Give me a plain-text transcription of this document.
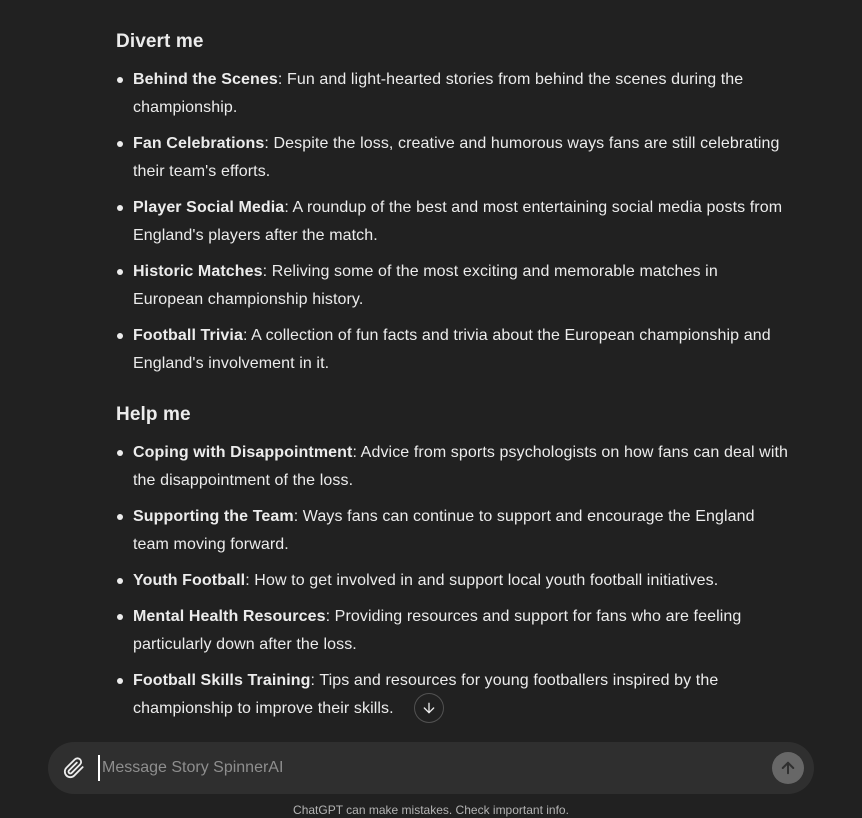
Divert me
Behind the Scenes: Fun and light-hearted stories from behind the scenes during the championship.
Fan Celebrations: Despite the loss, creative and humorous ways fans are still celebrating their team's efforts.
Player Social Media: A roundup of the best and most entertaining social media posts from England's players after the match.
Historic Matches: Reliving some of the most exciting and memorable matches in European championship history.
Football Trivia: A collection of fun facts and trivia about the European championship and England's involvement in it.
Help me
Coping with Disappointment: Advice from sports psychologists on how fans can deal with the disappointment of the loss.
Supporting the Team: Ways fans can continue to support and encourage the England team moving forward.
Youth Football: How to get involved in and support local youth football initiatives.
Mental Health Resources: Providing resources and support for fans who are feeling particularly down after the loss.
Football Skills Training: Tips and resources for young footballers inspired by the championship to improve their skills.
Message Story SpinnerAI
ChatGPT can make mistakes. Check important info.
